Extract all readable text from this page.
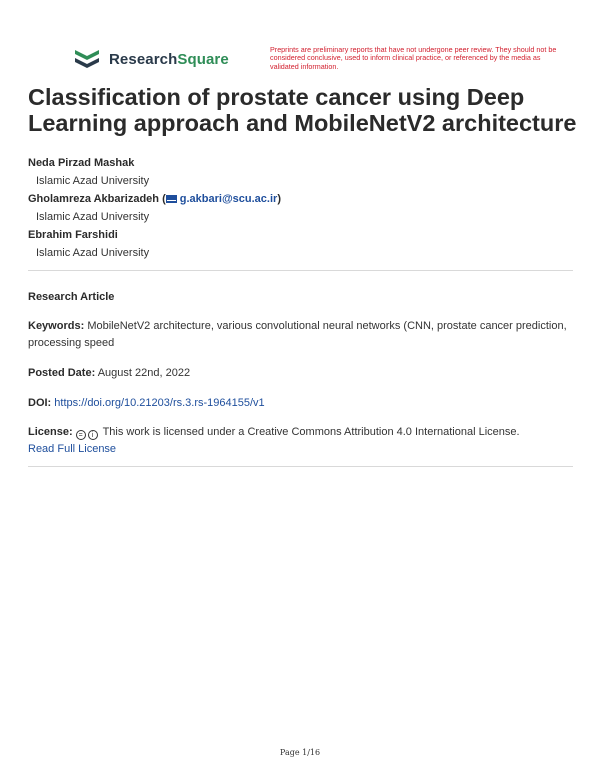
ResearchSquare
Preprints are preliminary reports that have not undergone peer review. They should not be considered conclusive, used to inform clinical practice, or referenced by the media as validated information.
Classification of prostate cancer using Deep Learning approach and MobileNetV2 architecture
Neda Pirzad Mashak
Islamic Azad University
Gholamreza Akbarizadeh ( g.akbari@scu.ac.ir)
Islamic Azad University
Ebrahim Farshidi
Islamic Azad University
Research Article
Keywords: MobileNetV2 architecture, various convolutional neural networks (CNN, prostate cancer prediction, processing speed
Posted Date: August 22nd, 2022
DOI: https://doi.org/10.21203/rs.3.rs-1964155/v1
License: = i This work is licensed under a Creative Commons Attribution 4.0 International License.
Read Full License
Page 1/16
